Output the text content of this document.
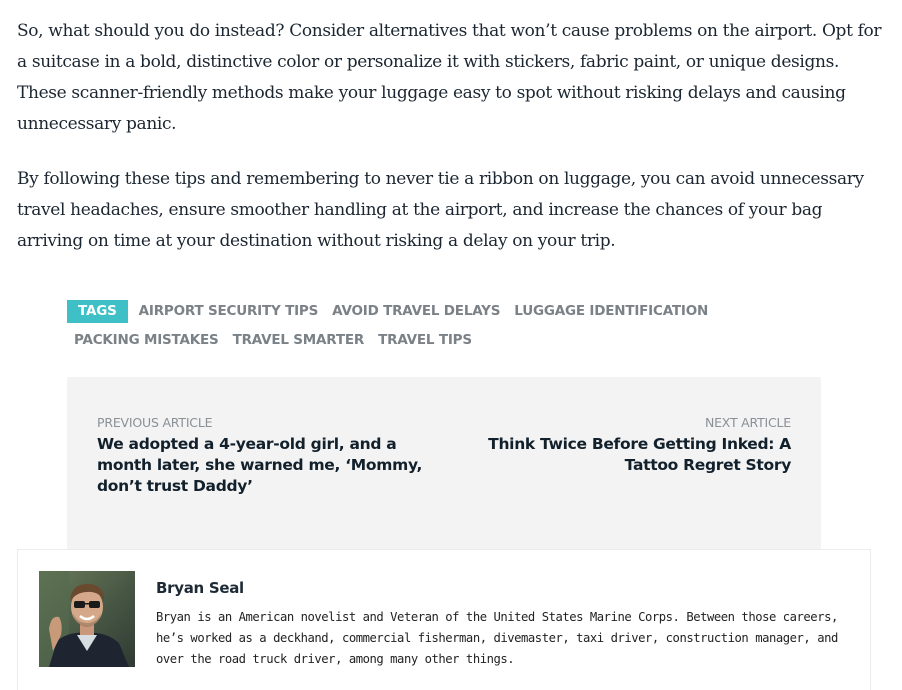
So, what should you do instead? Consider alternatives that won’t cause problems on the airport. Opt for a suitcase in a bold, distinctive color or personalize it with stickers, fabric paint, or unique designs. These scanner-friendly methods make your luggage easy to spot without risking delays and causing unnecessary panic.

By following these tips and remembering to never tie a ribbon on luggage, you can avoid unnecessary travel headaches, ensure smoother handling at the airport, and increase the chances of your bag arriving on time at your destination without risking a delay on your trip.

TAGS	AIRPORT SECURITY TIPS	AVOID TRAVEL DELAYS	LUGGAGE IDENTIFICATION
PACKING MISTAKES	TRAVEL SMARTER	TRAVEL TIPS
PREVIOUS ARTICLE
We adopted a 4-year-old girl, and a month later, she warned me, ‘Mommy, don’t trust Daddy’
NEXT ARTICLE
Think Twice Before Getting Inked: A Tattoo Regret Story
Bryan Seal
Bryan is an American novelist and Veteran of the United States Marine Corps. Between those careers, he’s worked as a deckhand, commercial fisherman, divemaster, taxi driver, construction manager, and over the road truck driver, among many other things.
